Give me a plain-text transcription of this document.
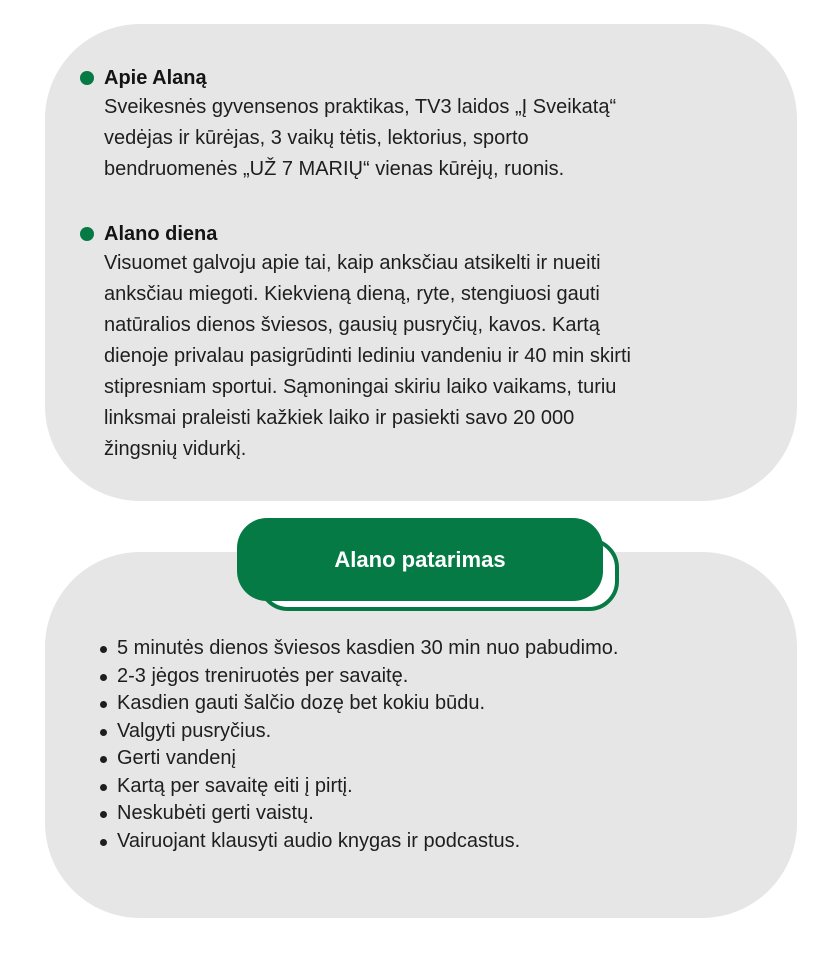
Apie Alaną
Sveikesnės gyvensenos praktikas, TV3 laidos „Į Sveikatą“
vedėjas ir kūrėjas, 3 vaikų tėtis, lektorius, sporto
bendruomenės „UŽ 7 MARIŲ“ vienas kūrėjų, ruonis.
Alano diena
Visuomet galvoju apie tai, kaip anksčiau atsikelti ir nueiti
anksčiau miegoti. Kiekvieną dieną, ryte, stengiuosi gauti
natūralios dienos šviesos, gausių pusryčių, kavos. Kartą
dienoje privalau pasigrūdinti lediniu vandeniu ir 40 min skirti
stipresniam sportui. Sąmoningai skiriu laiko vaikams, turiu
linksmai praleisti kažkiek laiko ir pasiekti savo 20 000
žingsnių vidurkį.
Alano patarimas
5 minutės dienos šviesos kasdien 30 min nuo pabudimo.
2-3 jėgos treniruotės per savaitę.
Kasdien gauti šalčio dozę bet kokiu būdu.
Valgyti pusryčius.
Gerti vandenį
Kartą per savaitę eiti į pirtį.
Neskubėti gerti vaistų.
Vairuojant klausyti audio knygas ir podcastus.
